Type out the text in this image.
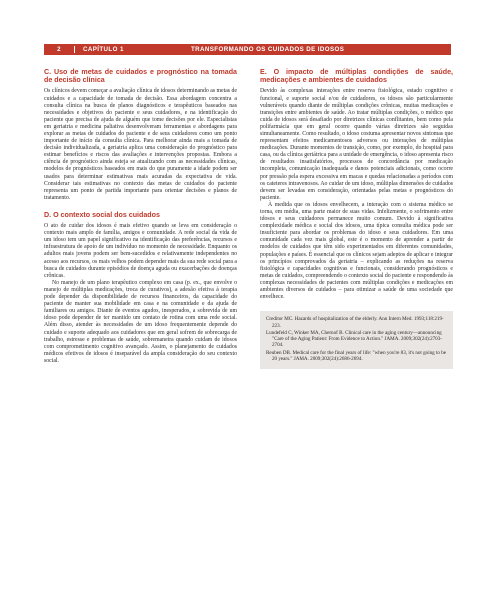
2	CAPÍTULO 1	TRANSFORMANDO OS CUIDADOS DE IDOSOS
C. Uso de metas de cuidados e prognóstico na tomada de decisão clínica

Os clínicos devem começar a avaliação clínica de idosos determinando as metas de cuidados e a capacidade de tomada de decisão. Essa abordagem concentra a consulta clínica na busca de planos diagnósticos e terapêuticos baseados nas necessidades e objetivos do paciente e seus cuidadores, e na identificação do paciente que precisa de ajuda de alguém que tome decisões por ele. Especialistas em geriatria e medicina paliativa desenvolveram ferramentas e abordagens para explorar as metas de cuidados do paciente e de seus cuidadores como um ponto importante de início da consulta clínica. Para melhorar ainda mais a tomada de decisão individualizada, a geriatria aplica uma consideração do prognóstico para estimar benefícios e riscos das avaliações e intervenções propostas. Embora a ciência de prognóstico ainda esteja se atualizando com as necessidades clínicas, modelos de prognósticos baseados em mais do que puramente a idade podem ser usados para determinar estimativas mais acuradas da expectativa de vida. Considerar tais estimativas no contexto das metas de cuidados do paciente representa um ponto de partida importante para orientar decisões e planos de tratamento.

D. O contexto social dos cuidados

O ato de cuidar dos idosos é mais efetivo quando se leva em consideração o contexto mais amplo de família, amigos e comunidade. A rede social da vida de um idoso tem um papel significativo na identificação das preferências, recursos e infraestrutura de apoio de um indivíduo no momento de necessidade. Enquanto os adultos mais jovens podem ser bem-sucedidos e relativamente independentes no acesso aos recursos, os mais velhos podem depender mais da sua rede social para a busca de cuidados durante episódios de doença aguda ou exacerbações de doenças crônicas.

No manejo de um plano terapêutico complexo em casa (p. ex., que envolve o manejo de múltiplas medicações, troca de curativos), a adesão efetiva à terapia pode depender da disponibilidade de recursos financeiros, da capacidade do paciente de manter sua mobilidade em casa e na comunidade e da ajuda de familiares ou amigos. Diante de eventos agudos, inesperados, a sobrevida de um idoso pode depender de ter mantido um contato de rotina com uma rede social. Além disso, atender às necessidades de um idoso frequentemente depende do cuidado e suporte adequado aos cuidadores que em geral sofrem de sobrecarga de trabalho, estresse e problemas de saúde, sobremaneira quando cuidam de idosos com comprometimento cognitivo avançado. Assim, o planejamento de cuidados médicos efetivos de idosos é inseparável da ampla consideração do seu contexto social.

E. O impacto de múltiplas condições de saúde, medicações e ambientes de cuidados

Devido às complexas interações entre reserva fisiológica, estado cognitivo e funcional, e suporte social e/ou de cuidadores, os idosos são particularmente vulneráveis quando diante de múltiplas condições crônicas, muitas medicações e transições entre ambientes de saúde. Ao tratar múltiplas condições, o médico que cuida de idosos será desafiado por diretrizes clínicas conflitantes, bem como pela polifarmácia que em geral ocorre quando várias diretrizes são seguidas simultaneamente. Como resultado, o idoso costuma apresentar novos sintomas que representam efeitos medicamentosos adversos ou interações de múltiplas medicações. Durante momentos de transição, como, por exemplo, do hospital para casa, ou da clínica geriátrica para a unidade de emergência, o idoso apresenta risco de resultados insatisfatórios, processos de concordância por medicação incompleta, comunicação inadequada e danos potenciais adicionais, como ocorre por pressão pela espera excessiva em macas e quedas relacionadas a períodos com os cateteres intravenosos. Ao cuidar de um idoso, múltiplas dimensões de cuidados devem ser levadas em consideração, orientadas pelas metas e prognósticos do paciente.

À medida que os idosos envelhecem, a interação com o sistema médico se torna, em média, uma parte maior de suas vidas. Infelizmente, o sofrimento entre idosos e seus cuidadores permanece muito comum. Devido à significativa complexidade médica e social dos idosos, uma típica consulta médica pode ser insuficiente para abordar os problemas do idoso e seus cuidadores. Em uma comunidade cada vez mais global, este é o momento de aprender a partir de modelos de cuidados que têm sido experimentados em diferentes comunidades, populações e países. É essencial que os clínicos sejam adeptos de aplicar e integrar os princípios comprovados da geriatria – explicando as reduções na reserva fisiológica e capacidades cognitivas e funcionais, considerando prognósticos e metas de cuidados, compreendendo o contexto social do paciente e respondendo às complexas necessidades de pacientes com múltiplas condições e medicações em ambientes diversos de cuidados – para otimizar a saúde de uma sociedade que envelhece.

Creditor MC. Hazards of hospitalization of the elderly. Ann Intern Med. 1993;118:219-223.
Lundefeld C, Winker MA, Chernof B. Clinical care in the aging century—announcing "Care of the Aging Patient: From Evidence to Action." JAMA. 2009;302(24):2703-2704.
Reuben DB. Medical care for the final years of life: "when you're 83, it's not going to be 20 years." JAMA. 2009;302(24):2686-2694.
